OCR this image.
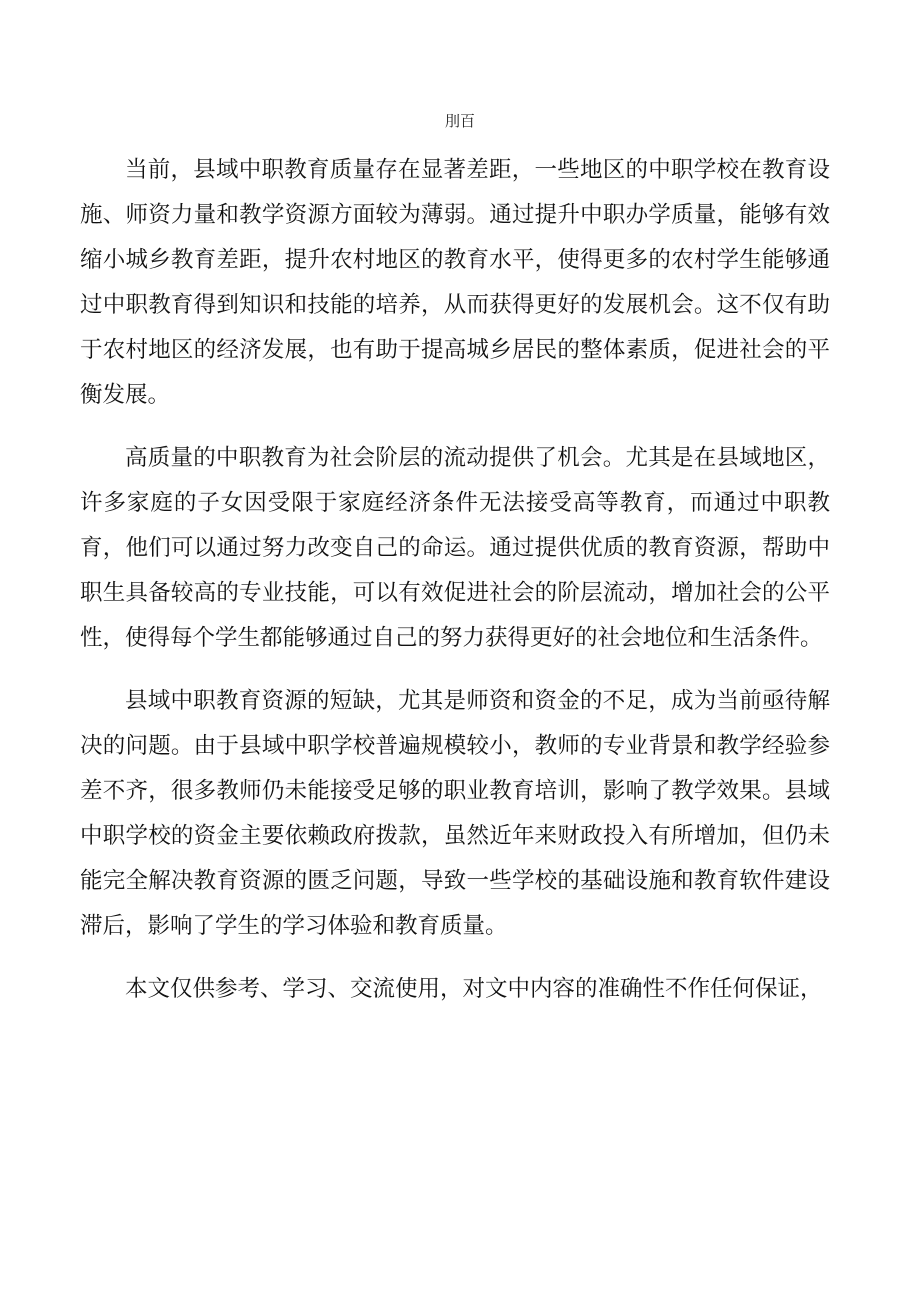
刖百

当前，县域中职教育质量存在显著差距，一些地区的中职学校在教育设施、师资力量和教学资源方面较为薄弱。通过提升中职办学质量，能够有效缩小城乡教育差距，提升农村地区的教育水平，使得更多的农村学生能够通过中职教育得到知识和技能的培养，从而获得更好的发展机会。这不仅有助于农村地区的经济发展，也有助于提高城乡居民的整体素质，促进社会的平衡发展。

高质量的中职教育为社会阶层的流动提供了机会。尤其是在县域地区，许多家庭的子女因受限于家庭经济条件无法接受高等教育，而通过中职教育，他们可以通过努力改变自己的命运。通过提供优质的教育资源，帮助中职生具备较高的专业技能，可以有效促进社会的阶层流动，增加社会的公平性，使得每个学生都能够通过自己的努力获得更好的社会地位和生活条件。

县域中职教育资源的短缺，尤其是师资和资金的不足，成为当前亟待解决的问题。由于县域中职学校普遍规模较小，教师的专业背景和教学经验参差不齐，很多教师仍未能接受足够的职业教育培训，影响了教学效果。县域中职学校的资金主要依赖政府拨款，虽然近年来财政投入有所增加，但仍未能完全解决教育资源的匮乏问题，导致一些学校的基础设施和教育软件建设滞后，影响了学生的学习体验和教育质量。

本文仅供参考、学习、交流使用，对文中内容的准确性不作任何保证，
